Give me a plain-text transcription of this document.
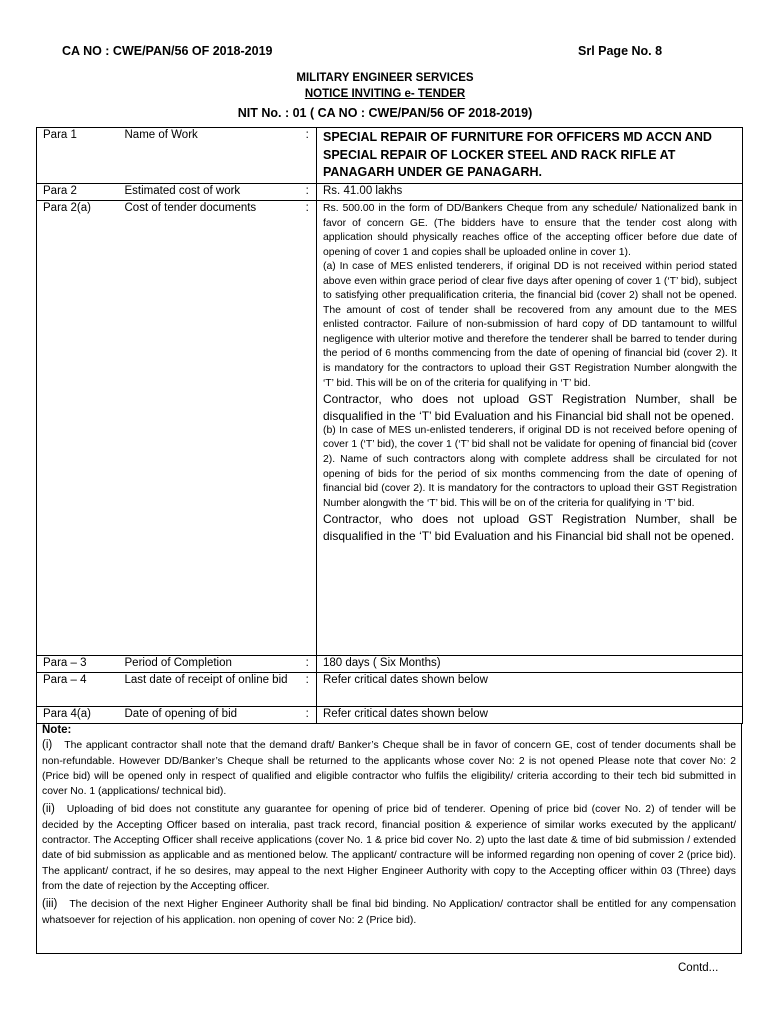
CA NO : CWE/PAN/56 OF 2018-2019	Srl Page No. 8
MILITARY ENGINEER SERVICES
NOTICE INVITING e- TENDER
NIT No. : 01 ( CA NO : CWE/PAN/56 OF 2018-2019)
Para 1	Name of Work	:	SPECIAL REPAIR OF FURNITURE FOR OFFICERS MD ACCN AND SPECIAL REPAIR OF LOCKER STEEL AND RACK RIFLE AT PANAGARH UNDER GE PANAGARH.
Para 2	Estimated cost of work	:	Rs. 41.00 lakhs
Para 2(a)	Cost of tender documents	:	Rs. 500.00 in the form of DD/Bankers Cheque from any schedule/ Nationalized bank in favor of concern GE. (The bidders have to ensure that the tender cost along with application should physically reaches office of the accepting officer before due date of opening of cover 1 and copies shall be uploaded online in cover 1).
(a) In case of MES enlisted tenderers, if original DD is not received within period stated above even within grace period of clear five days after opening of cover 1 (‘T’ bid), subject to satisfying other prequalification criteria, the financial bid (cover 2) shall not be opened. The amount of cost of tender shall be recovered from any amount due to the MES enlisted contractor. Failure of non-submission of hard copy of DD tantamount to willful negligence with ulterior motive and therefore the tenderer shall be barred to tender during the period of 6 months commencing from the date of opening of financial bid (cover 2). It is mandatory for the contractors to upload their GST Registration Number alongwith the ‘T’ bid. This will be on of the criteria for qualifying in ‘T’ bid.
Contractor, who does not upload GST Registration Number, shall be disqualified in the ‘T’ bid Evaluation and his Financial bid shall not be opened.
(b) In case of MES un-enlisted tenderers, if original DD is not received before opening of cover 1 (‘T’ bid), the cover 1 (‘T’ bid shall not be validate for opening of financial bid (cover 2). Name of such contractors along with complete address shall be circulated for not opening of bids for the period of six months commencing from the date of opening of financial bid (cover 2). It is mandatory for the contractors to upload their GST Registration Number alongwith the ‘T’ bid. This will be on of the criteria for qualifying in ‘T’ bid.
Contractor, who does not upload GST Registration Number, shall be disqualified in the ‘T’ bid Evaluation and his Financial bid shall not be opened.

Para – 3	Period of Completion	:	180 days ( Six Months)
Para – 4	Last date of receipt of online bid	:	Refer critical dates shown below
Para 4(a)	Date of opening of bid	:	Refer critical dates shown below
Note:

(i) The applicant contractor shall note that the demand draft/ Banker’s Cheque shall be in favor of concern GE, cost of tender documents shall be non-refundable. However DD/Banker’s Cheque shall be returned to the applicants whose cover No: 2 is not opened Please note that cover No: 2 (Price bid) will be opened only in respect of qualified and eligible contractor who fulfils the eligibility/ criteria according to their tech bid submitted in cover No. 1 (applications/ technical bid).

(ii) Uploading of bid does not constitute any guarantee for opening of price bid of tenderer. Opening of price bid (cover No. 2) of tender will be decided by the Accepting Officer based on interalia, past track record, financial position & experience of similar works executed by the applicant/ contractor. The Accepting Officer shall receive applications (cover No. 1 & price bid cover No. 2) upto the last date & time of bid submission / extended date of bid submission as applicable and as mentioned below. The applicant/ contracture will be informed regarding non opening of cover 2 (price bid). The applicant/ contract, if he so desires, may appeal to the next Higher Engineer Authority with copy to the Accepting officer within 03 (Three) days from the date of rejection by the Accepting officer.

(iii) The decision of the next Higher Engineer Authority shall be final bid binding. No Application/ contractor shall be entitled for any compensation whatsoever for rejection of his application. non opening of cover No: 2 (Price bid).

Contd...
